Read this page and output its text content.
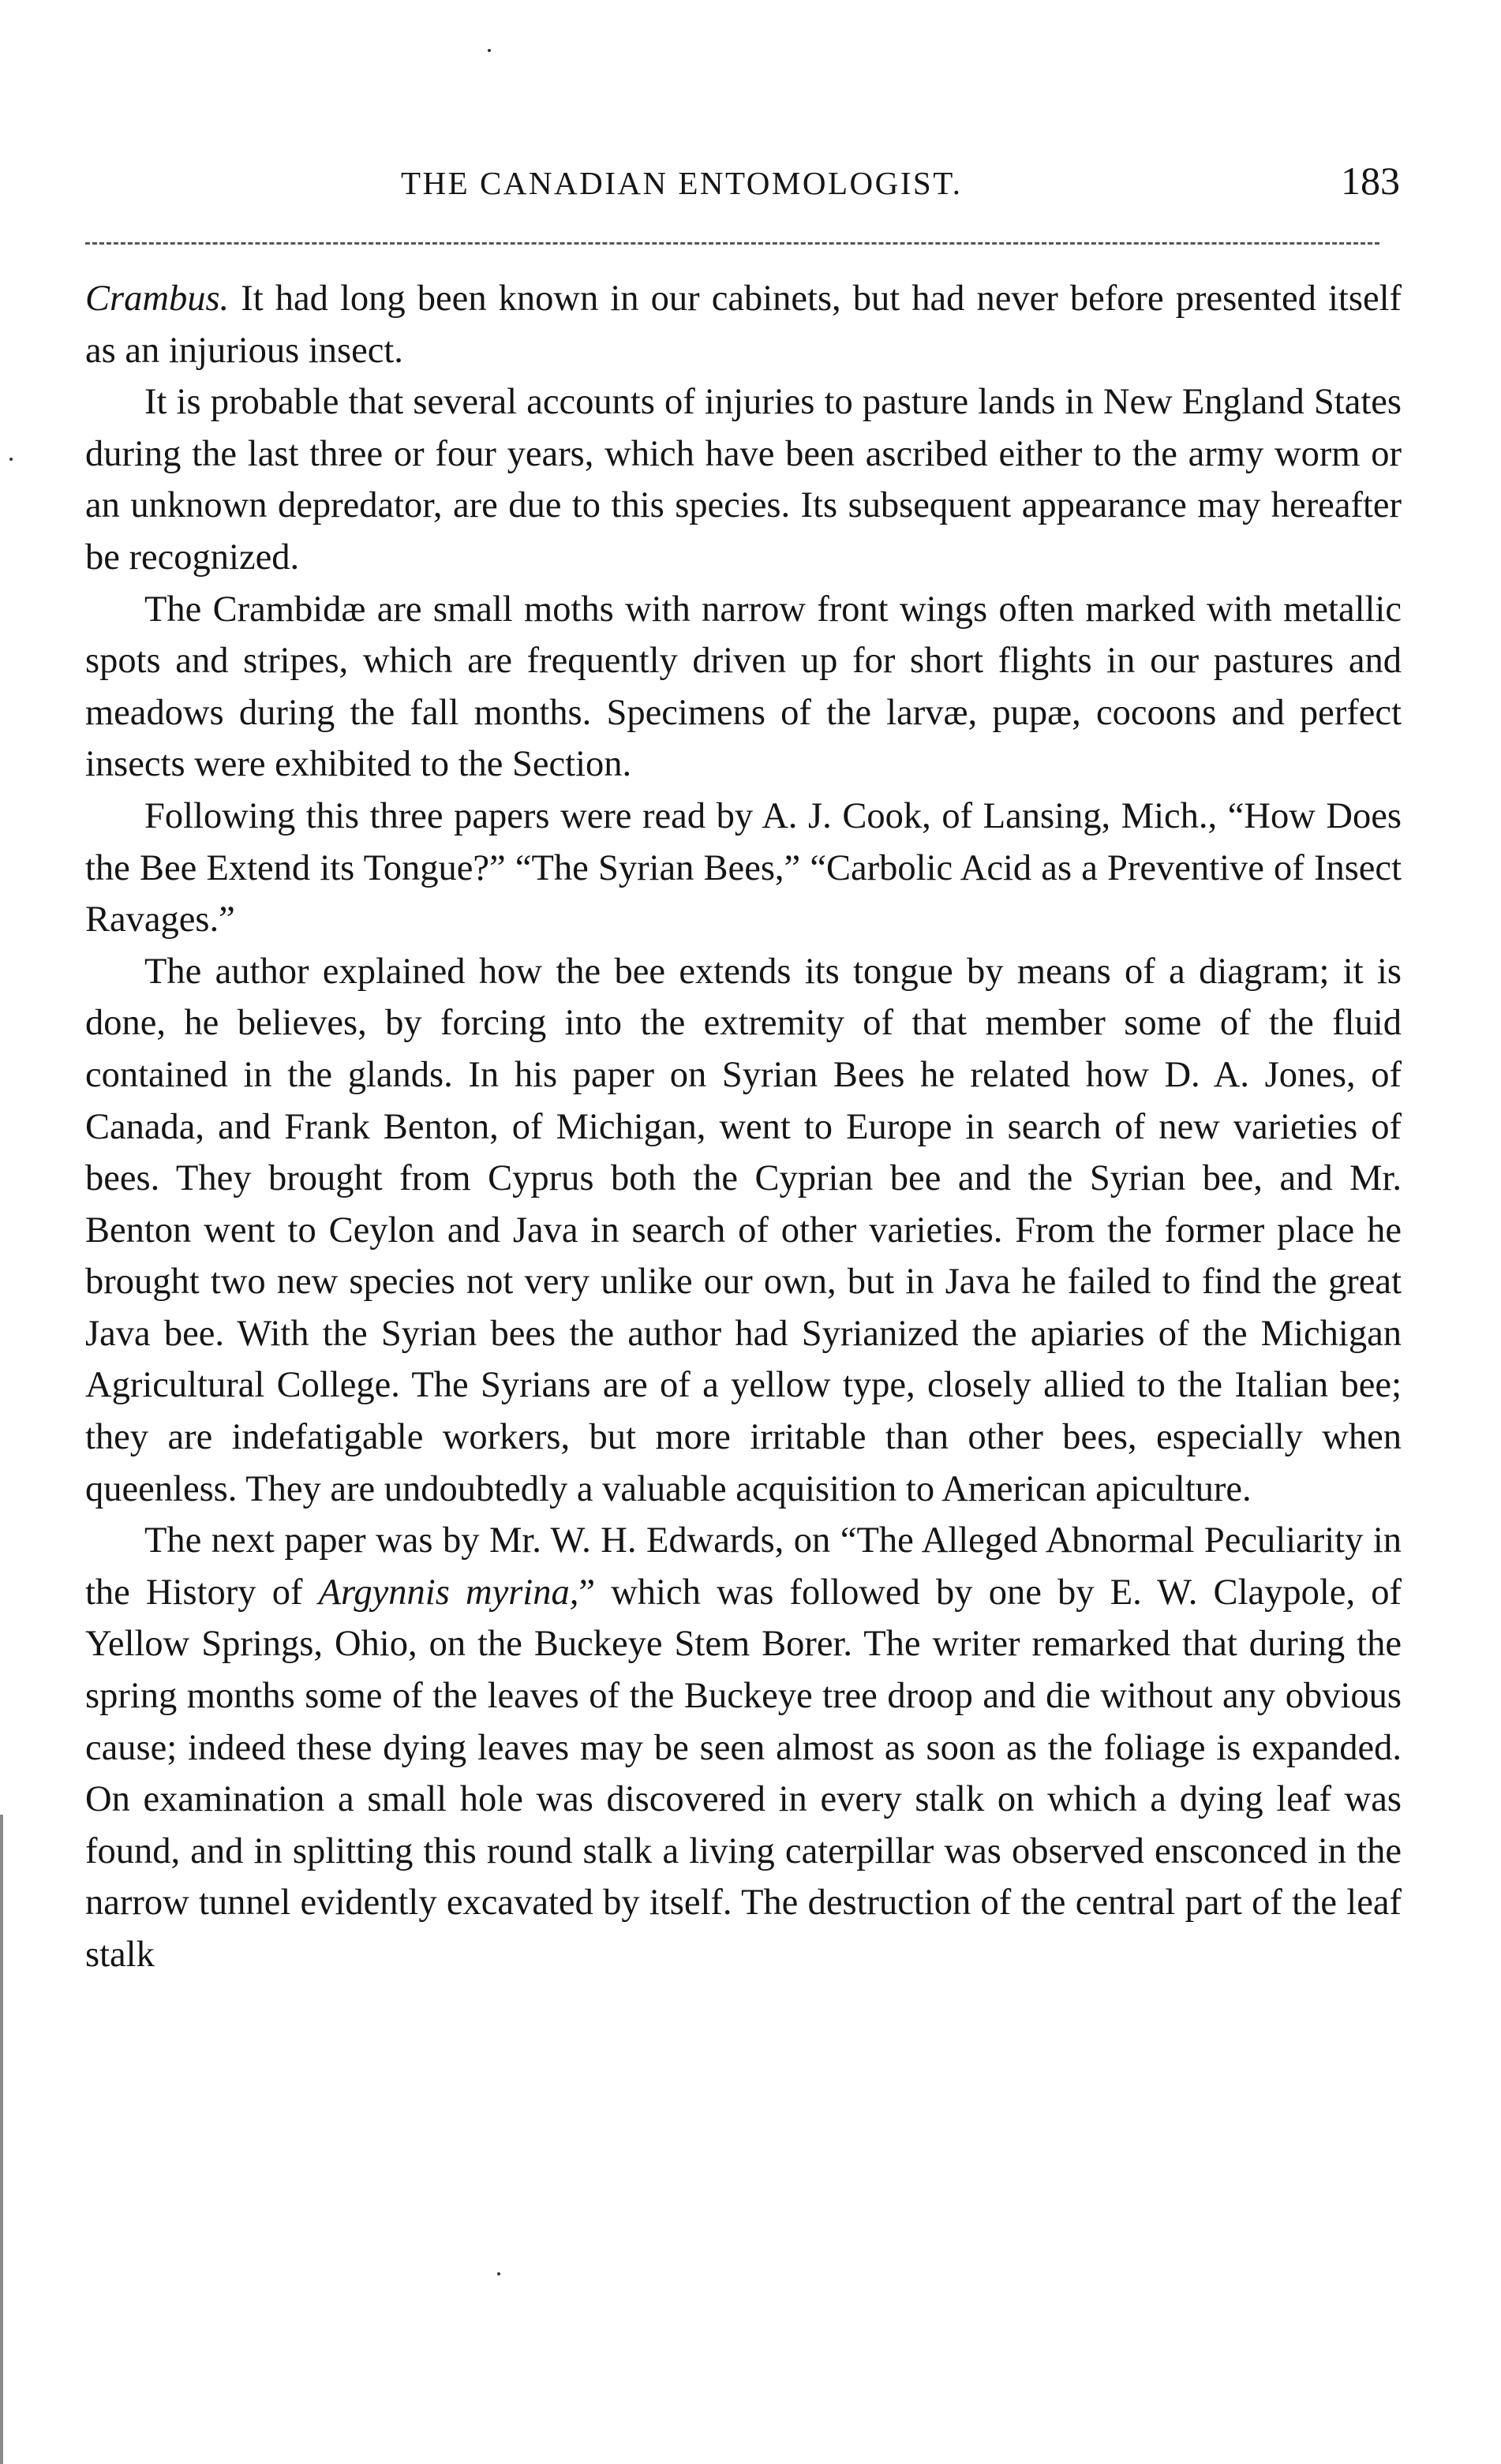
THE CANADIAN ENTOMOLOGIST.	183

Crambus. It had long been known in our cabinets, but had never before presented itself as an injurious insect.

It is probable that several accounts of injuries to pasture lands in New England States during the last three or four years, which have been ascribed either to the army worm or an unknown depredator, are due to this species. Its subsequent appearance may hereafter be recognized.

The Crambidæ are small moths with narrow front wings often marked with metallic spots and stripes, which are frequently driven up for short flights in our pastures and meadows during the fall months. Specimens of the larvæ, pupæ, cocoons and perfect insects were exhibited to the Section.

Following this three papers were read by A. J. Cook, of Lansing, Mich., “How Does the Bee Extend its Tongue?” “The Syrian Bees,” “Carbolic Acid as a Preventive of Insect Ravages.”

The author explained how the bee extends its tongue by means of a diagram; it is done, he believes, by forcing into the extremity of that member some of the fluid contained in the glands. In his paper on Syrian Bees he related how D. A. Jones, of Canada, and Frank Benton, of Michigan, went to Europe in search of new varieties of bees. They brought from Cyprus both the Cyprian bee and the Syrian bee, and Mr. Benton went to Ceylon and Java in search of other varieties. From the former place he brought two new species not very unlike our own, but in Java he failed to find the great Java bee. With the Syrian bees the author had Syrianized the apiaries of the Michigan Agricultural College. The Syrians are of a yellow type, closely allied to the Italian bee; they are indefatigable workers, but more irritable than other bees, especially when queenless. They are undoubtedly a valuable acquisition to American apiculture.

The next paper was by Mr. W. H. Edwards, on “The Alleged Abnormal Peculiarity in the History of Argynnis myrina,” which was followed by one by E. W. Claypole, of Yellow Springs, Ohio, on the Buckeye Stem Borer. The writer remarked that during the spring months some of the leaves of the Buckeye tree droop and die without any obvious cause; indeed these dying leaves may be seen almost as soon as the foliage is expanded. On examination a small hole was discovered in every stalk on which a dying leaf was found, and in splitting this round stalk a living caterpillar was observed ensconced in the narrow tunnel evidently excavated by itself. The destruction of the central part of the leaf stalk
